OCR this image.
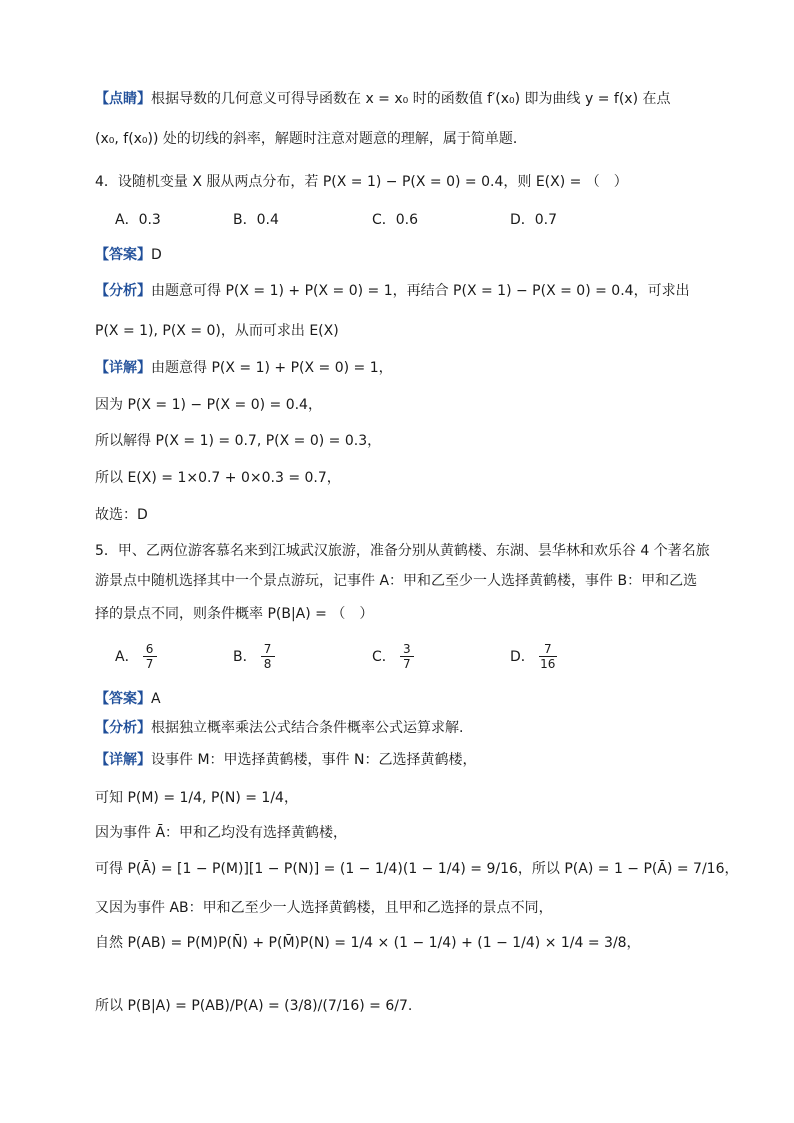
【点睛】根据导数的几何意义可得导函数在 x = x₀ 时的函数值 f′(x₀) 即为曲线 y = f(x) 在点
(x₀, f(x₀)) 处的切线的斜率，解题时注意对题意的理解，属于简单题．
4．设随机变量 X 服从两点分布，若 P(X = 1) − P(X = 0) = 0.4，则 E(X) = （　）
A．0.3	B．0.4	C．0.6	D．0.7
【答案】D
【分析】由题意可得 P(X = 1) + P(X = 0) = 1，再结合 P(X = 1) − P(X = 0) = 0.4，可求出
P(X = 1), P(X = 0)，从而可求出 E(X)
【详解】由题意得 P(X = 1) + P(X = 0) = 1，
因为 P(X = 1) − P(X = 0) = 0.4，
所以解得 P(X = 1) = 0.7, P(X = 0) = 0.3，
所以 E(X) = 1×0.7 + 0×0.3 = 0.7，
故选：D
5．甲、乙两位游客慕名来到江城武汉旅游，准备分别从黄鹤楼、东湖、昙华林和欢乐谷 4 个著名旅
游景点中随机选择其中一个景点游玩，记事件 A：甲和乙至少一人选择黄鹤楼，事件 B：甲和乙选
择的景点不同，则条件概率 P(B|A) = （　）
A． 6
7	B． 7
8	C． 3
7	D． 7
16
【答案】A
【分析】根据独立概率乘法公式结合条件概率公式运算求解.
【详解】设事件 M：甲选择黄鹤楼，事件 N：乙选择黄鹤楼，
可知 P(M) = 1/4, P(N) = 1/4，
因为事件 Ā：甲和乙均没有选择黄鹤楼，
可得 P(Ā) = [1 − P(M)][1 − P(N)] = (1 − 1/4)(1 − 1/4) = 9/16，所以 P(A) = 1 − P(Ā) = 7/16，
又因为事件 AB：甲和乙至少一人选择黄鹤楼，且甲和乙选择的景点不同，
自然 P(AB) = P(M)P(N̄) + P(M̄)P(N) = 1/4 × (1 − 1/4) + (1 − 1/4) × 1/4 = 3/8，
所以 P(B|A) = P(AB)/P(A) = (3/8)/(7/16) = 6/7.
